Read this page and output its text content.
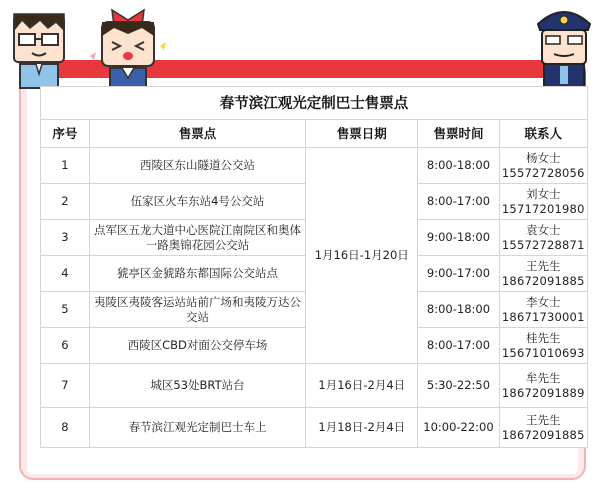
春节滨江观光定制巴士售票点				
序号	售票点	售票日期	售票时间	联系人
1	西陵区东山隧道公交站	1月16日-1月20日	8:00-18:00	杨女士
15572728056

2	伍家区火车东站4号公交站		8:00-17:00	刘女士
15717201980

3	点军区五龙大道中心医院江南院区和奥体一路奥锦花园公交站		9:00-18:00	袁女士
15572728871

4	猇亭区金猇路东都国际公交站点		9:00-17:00	王先生
18672091885

5	夷陵区夷陵客运站站前广场和夷陵万达公交站		8:00-18:00	李女士
18671730001

6	西陵区CBD对面公交停车场		8:00-17:00	桂先生
15671010693

7	城区53处BRT站台	1月16日-2月4日	5:30-22:50	牟先生
18672091889

8	春节滨江观光定制巴士车上	1月18日-2月4日	10:00-22:00	王先生
18672091885
